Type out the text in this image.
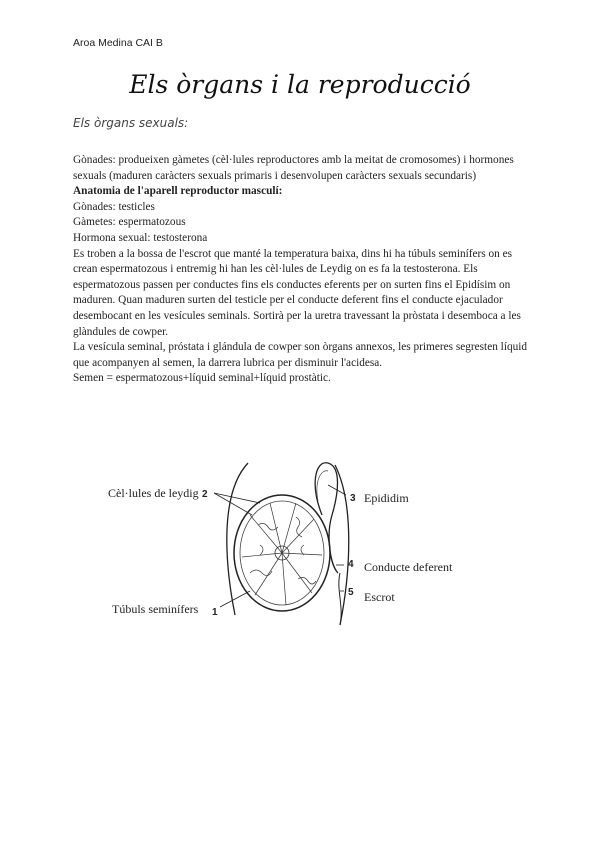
Aroa Medina CAI B
Els òrgans i la reproducció
Els òrgans sexuals:

Gònades: produeixen gàmetes (cèl·lules reproductores amb la meitat de cromosomes) i hormones sexuals (maduren caràcters sexuals primaris i desenvolupen caràcters sexuals secundaris)

Anatomia de l'aparell reproductor masculí:

Gònades: testicles

Gàmetes: espermatozous

Hormona sexual: testosterona

Es troben a la bossa de l'escrot que manté la temperatura baixa, dins hi ha túbuls seminífers on es crean espermatozous i entremig hi han les cèl·lules de Leydig on es fa la testosterona. Els espermatozous passen per conductes fins els conductes eferents per on surten fins el Epidísim on maduren. Quan maduren surten del testicle per el conducte deferent fins el conducte ejaculador desembocant en les vesícules seminals. Sortirà per la uretra travessant la pròstata i desemboca a les glàndules de cowper.

La vesícula seminal, próstata i glándula de cowper son òrgans annexos, les primeres segresten líquid que acompanyen al semen, la darrera lubrica per disminuir l'acidesa.

Semen = espermatozous+líquid seminal+líquid prostàtic.

Cèl·lules de leydig 2	3 Epididim
4 Conducte deferent
5 Escrot
Túbuls seminífers 1
